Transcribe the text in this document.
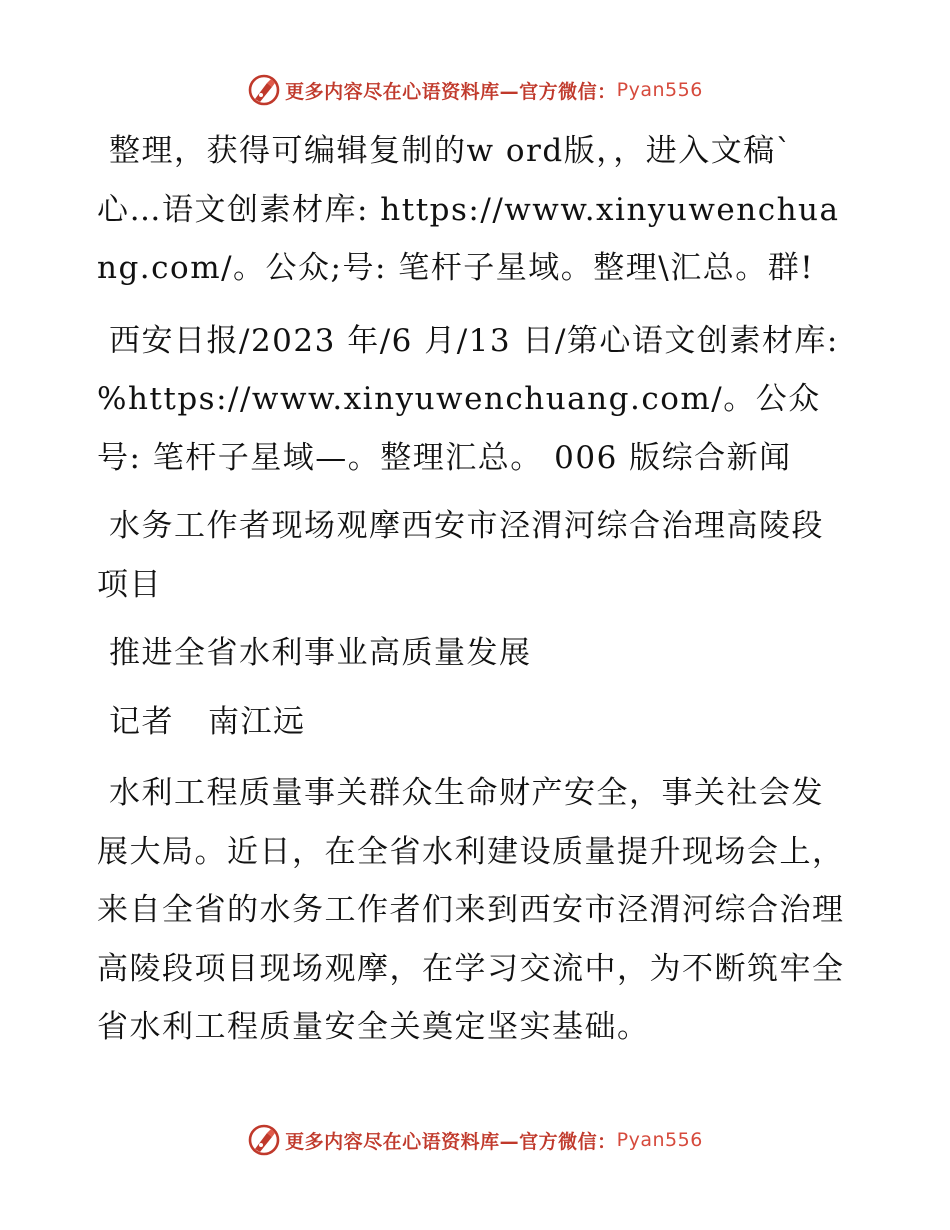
更多内容尽在心语资料库—官方微信： Pyan556

整理，获得可编辑复制的w ord版，，进入文稿`心…语文创素材库: https://www.xinyuwenchuang.com/。公众;号: 笔杆子星域。整理\汇总。群!

西安日报/2023 年/6 月/13 日/第心语文创素材库: %https://www.xinyuwenchuang.com/。公众号: 笔杆子星域—。整理汇总。 006 版综合新闻

水务工作者现场观摩西安市泾渭河综合治理高陵段项目

推进全省水利事业高质量发展

记者   南江远

水利工程质量事关群众生命财产安全，事关社会发展大局。近日，在全省水利建设质量提升现场会上，来自全省的水务工作者们来到西安市泾渭河综合治理高陵段项目现场观摩，在学习交流中，为不断筑牢全省水利工程质量安全关奠定坚实基础。

更多内容尽在心语资料库—官方微信： Pyan556
